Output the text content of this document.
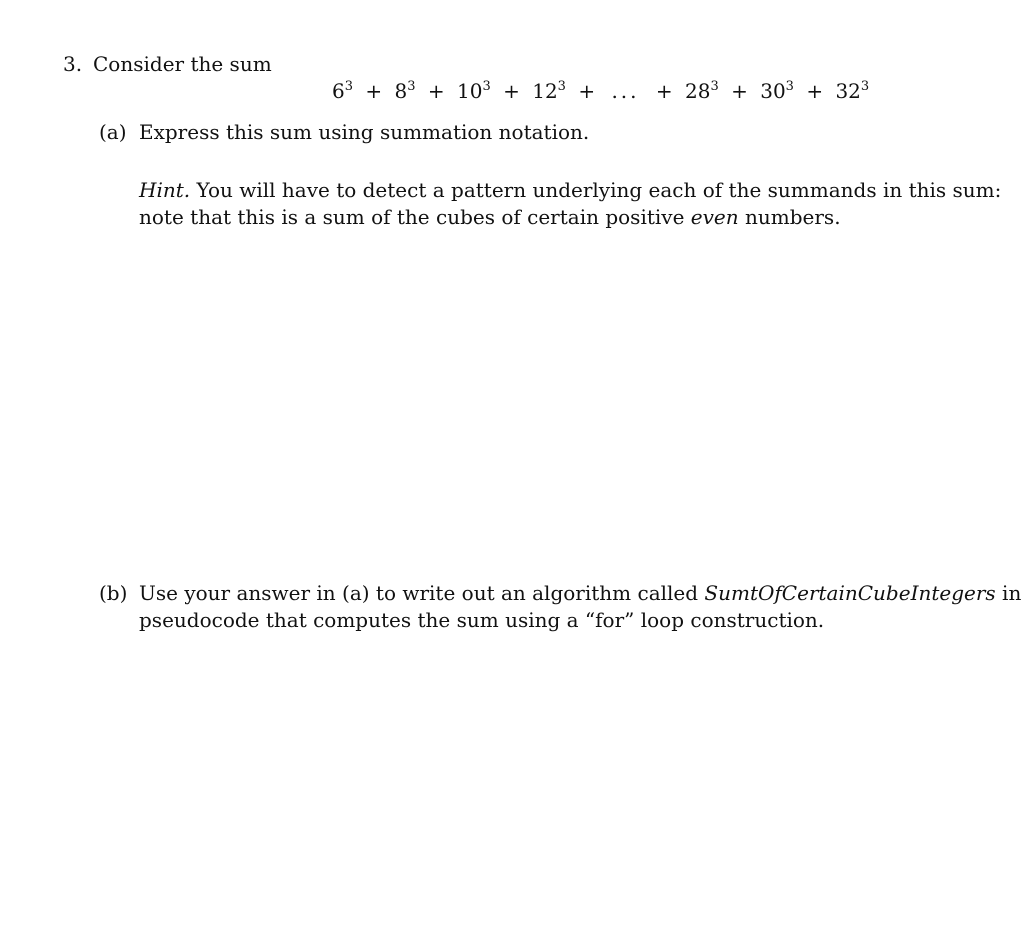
3. Consider the sum
$6^3 + 8^3 + 10^3 + 12^3$ + ... + $28^3 + 30^3 + 32^3$
(a) Express this sum using summation notation.
Hint. You will have to detect a pattern underlying each of the summands in this sum:
note that this is a sum of the cubes of certain positive even numbers.
(b) Use your answer in (a) to write out an algorithm called SumtOfCertainCubeIntegers in
pseudocode that computes the sum using a “for” loop construction.
